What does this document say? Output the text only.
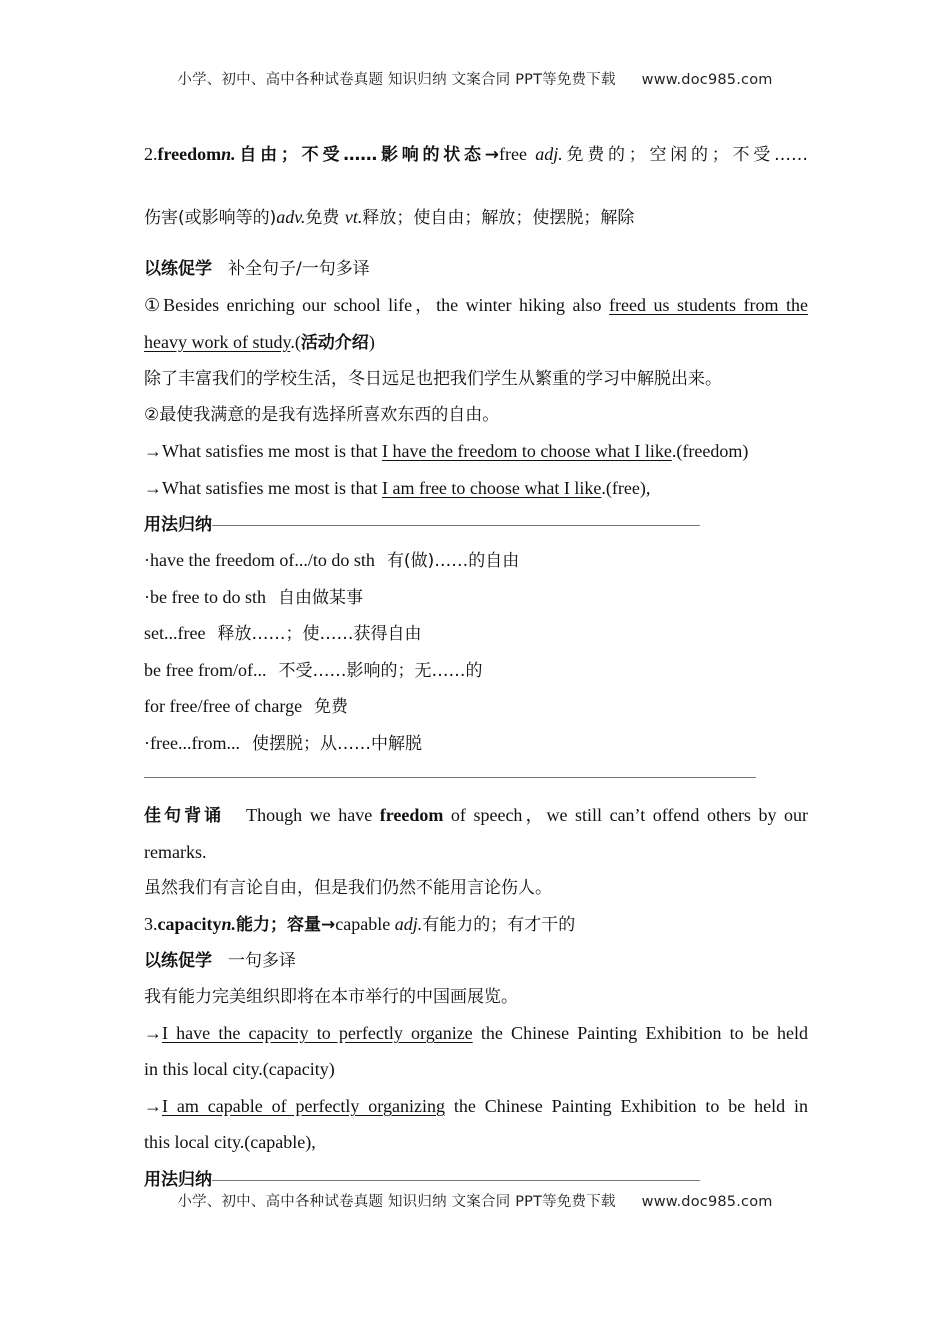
小学、初中、高中各种试卷真题 知识归纳 文案合同 PPT等免费下载 www.doc985.com
2.freedomn.自由；不受……影响的状态→free adj.免费的；空闲的；不受……
伤害(或影响等的)adv.免费 vt.释放；使自由；解放；使摆脱；解除
以练促学 补全句子/一句多译
①Besides enriching our school life，the winter hiking also freed us students from the
heavy work of study.(活动介绍)
除了丰富我们的学校生活，冬日远足也把我们学生从繁重的学习中解脱出来。
②最使我满意的是我有选择所喜欢东西的自由。
→What satisfies me most is that I have the freedom to choose what I like.(freedom)
→What satisfies me most is that I am free to choose what I like.(free),
用法归纳
·have the freedom of.../to do sth 有(做)……的自由
·be free to do sth 自由做某事
set...free 释放……；使……获得自由
be free from/of... 不受……影响的；无……的
for free/free of charge 免费
·free...from... 使摆脱；从……中解脱
佳句背诵 Though we have freedom of speech，we still can’t offend others by our
remarks.
虽然我们有言论自由，但是我们仍然不能用言论伤人。
3.capacityn.能力；容量→capable adj.有能力的；有才干的
以练促学 一句多译
我有能力完美组织即将在本市举行的中国画展览。
→I have the capacity to perfectly organize the Chinese Painting Exhibition to be held
in this local city.(capacity)
→I am capable of perfectly organizing the Chinese Painting Exhibition to be held in
this local city.(capable),
用法归纳
小学、初中、高中各种试卷真题 知识归纳 文案合同 PPT等免费下载 www.doc985.com
